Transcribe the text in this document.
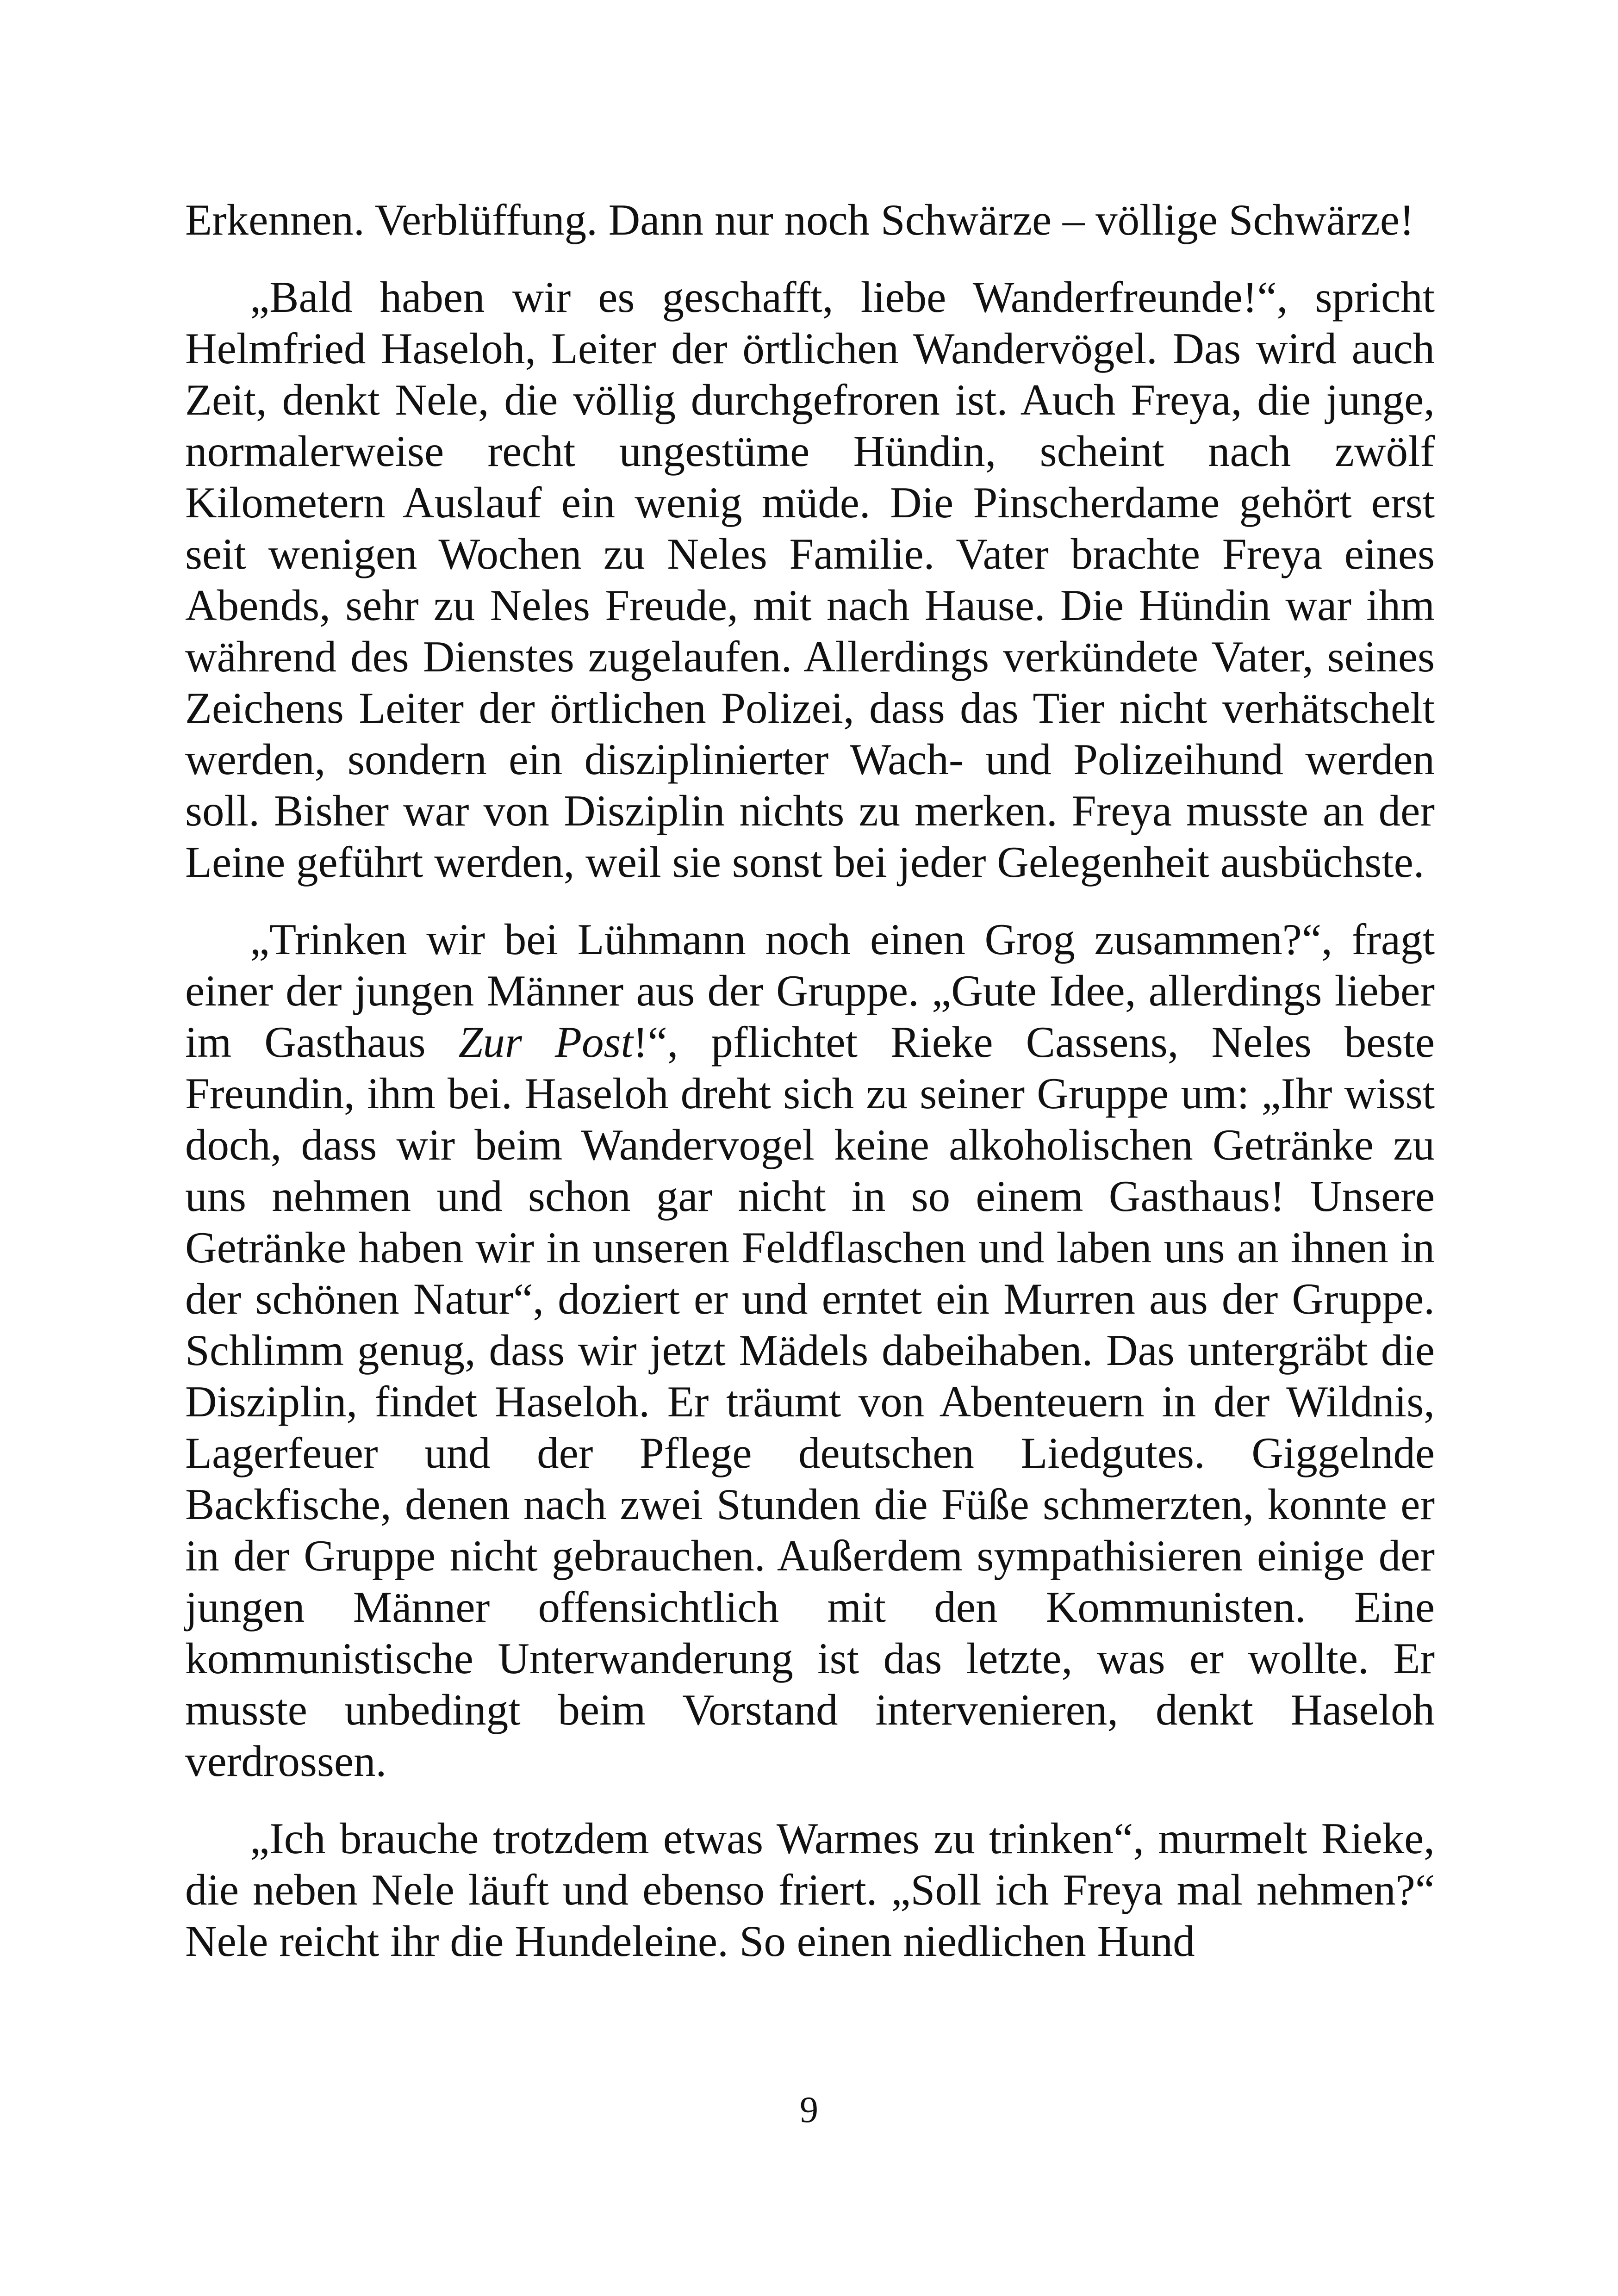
Erkennen. Verblüffung. Dann nur noch Schwärze – völlige Schwärze!

„Bald haben wir es geschafft, liebe Wanderfreunde!“, spricht Helmfried Haseloh, Leiter der örtlichen Wandervögel. Das wird auch Zeit, denkt Nele, die völlig durchgefroren ist. Auch Freya, die junge, normalerweise recht ungestüme Hündin, scheint nach zwölf Kilometern Auslauf ein wenig müde. Die Pinscherdame gehört erst seit wenigen Wochen zu Neles Familie. Vater brachte Freya eines Abends, sehr zu Neles Freude, mit nach Hause. Die Hündin war ihm während des Dienstes zugelaufen. Allerdings verkündete Vater, seines Zeichens Leiter der örtlichen Polizei, dass das Tier nicht verhätschelt werden, sondern ein disziplinierter Wach- und Polizeihund werden soll. Bisher war von Disziplin nichts zu merken. Freya musste an der Leine geführt werden, weil sie sonst bei jeder Gelegenheit ausbüchste.

„Trinken wir bei Lühmann noch einen Grog zusammen?“, fragt einer der jungen Männer aus der Gruppe. „Gute Idee, allerdings lieber im Gasthaus Zur Post!“, pflichtet Rieke Cassens, Neles beste Freundin, ihm bei. Haseloh dreht sich zu seiner Gruppe um: „Ihr wisst doch, dass wir beim Wandervogel keine alkoholischen Getränke zu uns nehmen und schon gar nicht in so einem Gasthaus! Unsere Getränke haben wir in unseren Feldflaschen und laben uns an ihnen in der schönen Natur“, doziert er und erntet ein Murren aus der Gruppe. Schlimm genug, dass wir jetzt Mädels dabeihaben. Das untergräbt die Disziplin, findet Haseloh. Er träumt von Abenteuern in der Wildnis, Lagerfeuer und der Pflege deutschen Liedgutes. Giggelnde Backfische, denen nach zwei Stunden die Füße schmerzten, konnte er in der Gruppe nicht gebrauchen. Außerdem sympathisieren einige der jungen Männer offensichtlich mit den Kommunisten. Eine kommunistische Unterwanderung ist das letzte, was er wollte. Er musste unbedingt beim Vorstand intervenieren, denkt Haseloh verdrossen.

„Ich brauche trotzdem etwas Warmes zu trinken“, murmelt Rieke, die neben Nele läuft und ebenso friert. „Soll ich Freya mal nehmen?“ Nele reicht ihr die Hundeleine. So einen niedlichen Hund

9
